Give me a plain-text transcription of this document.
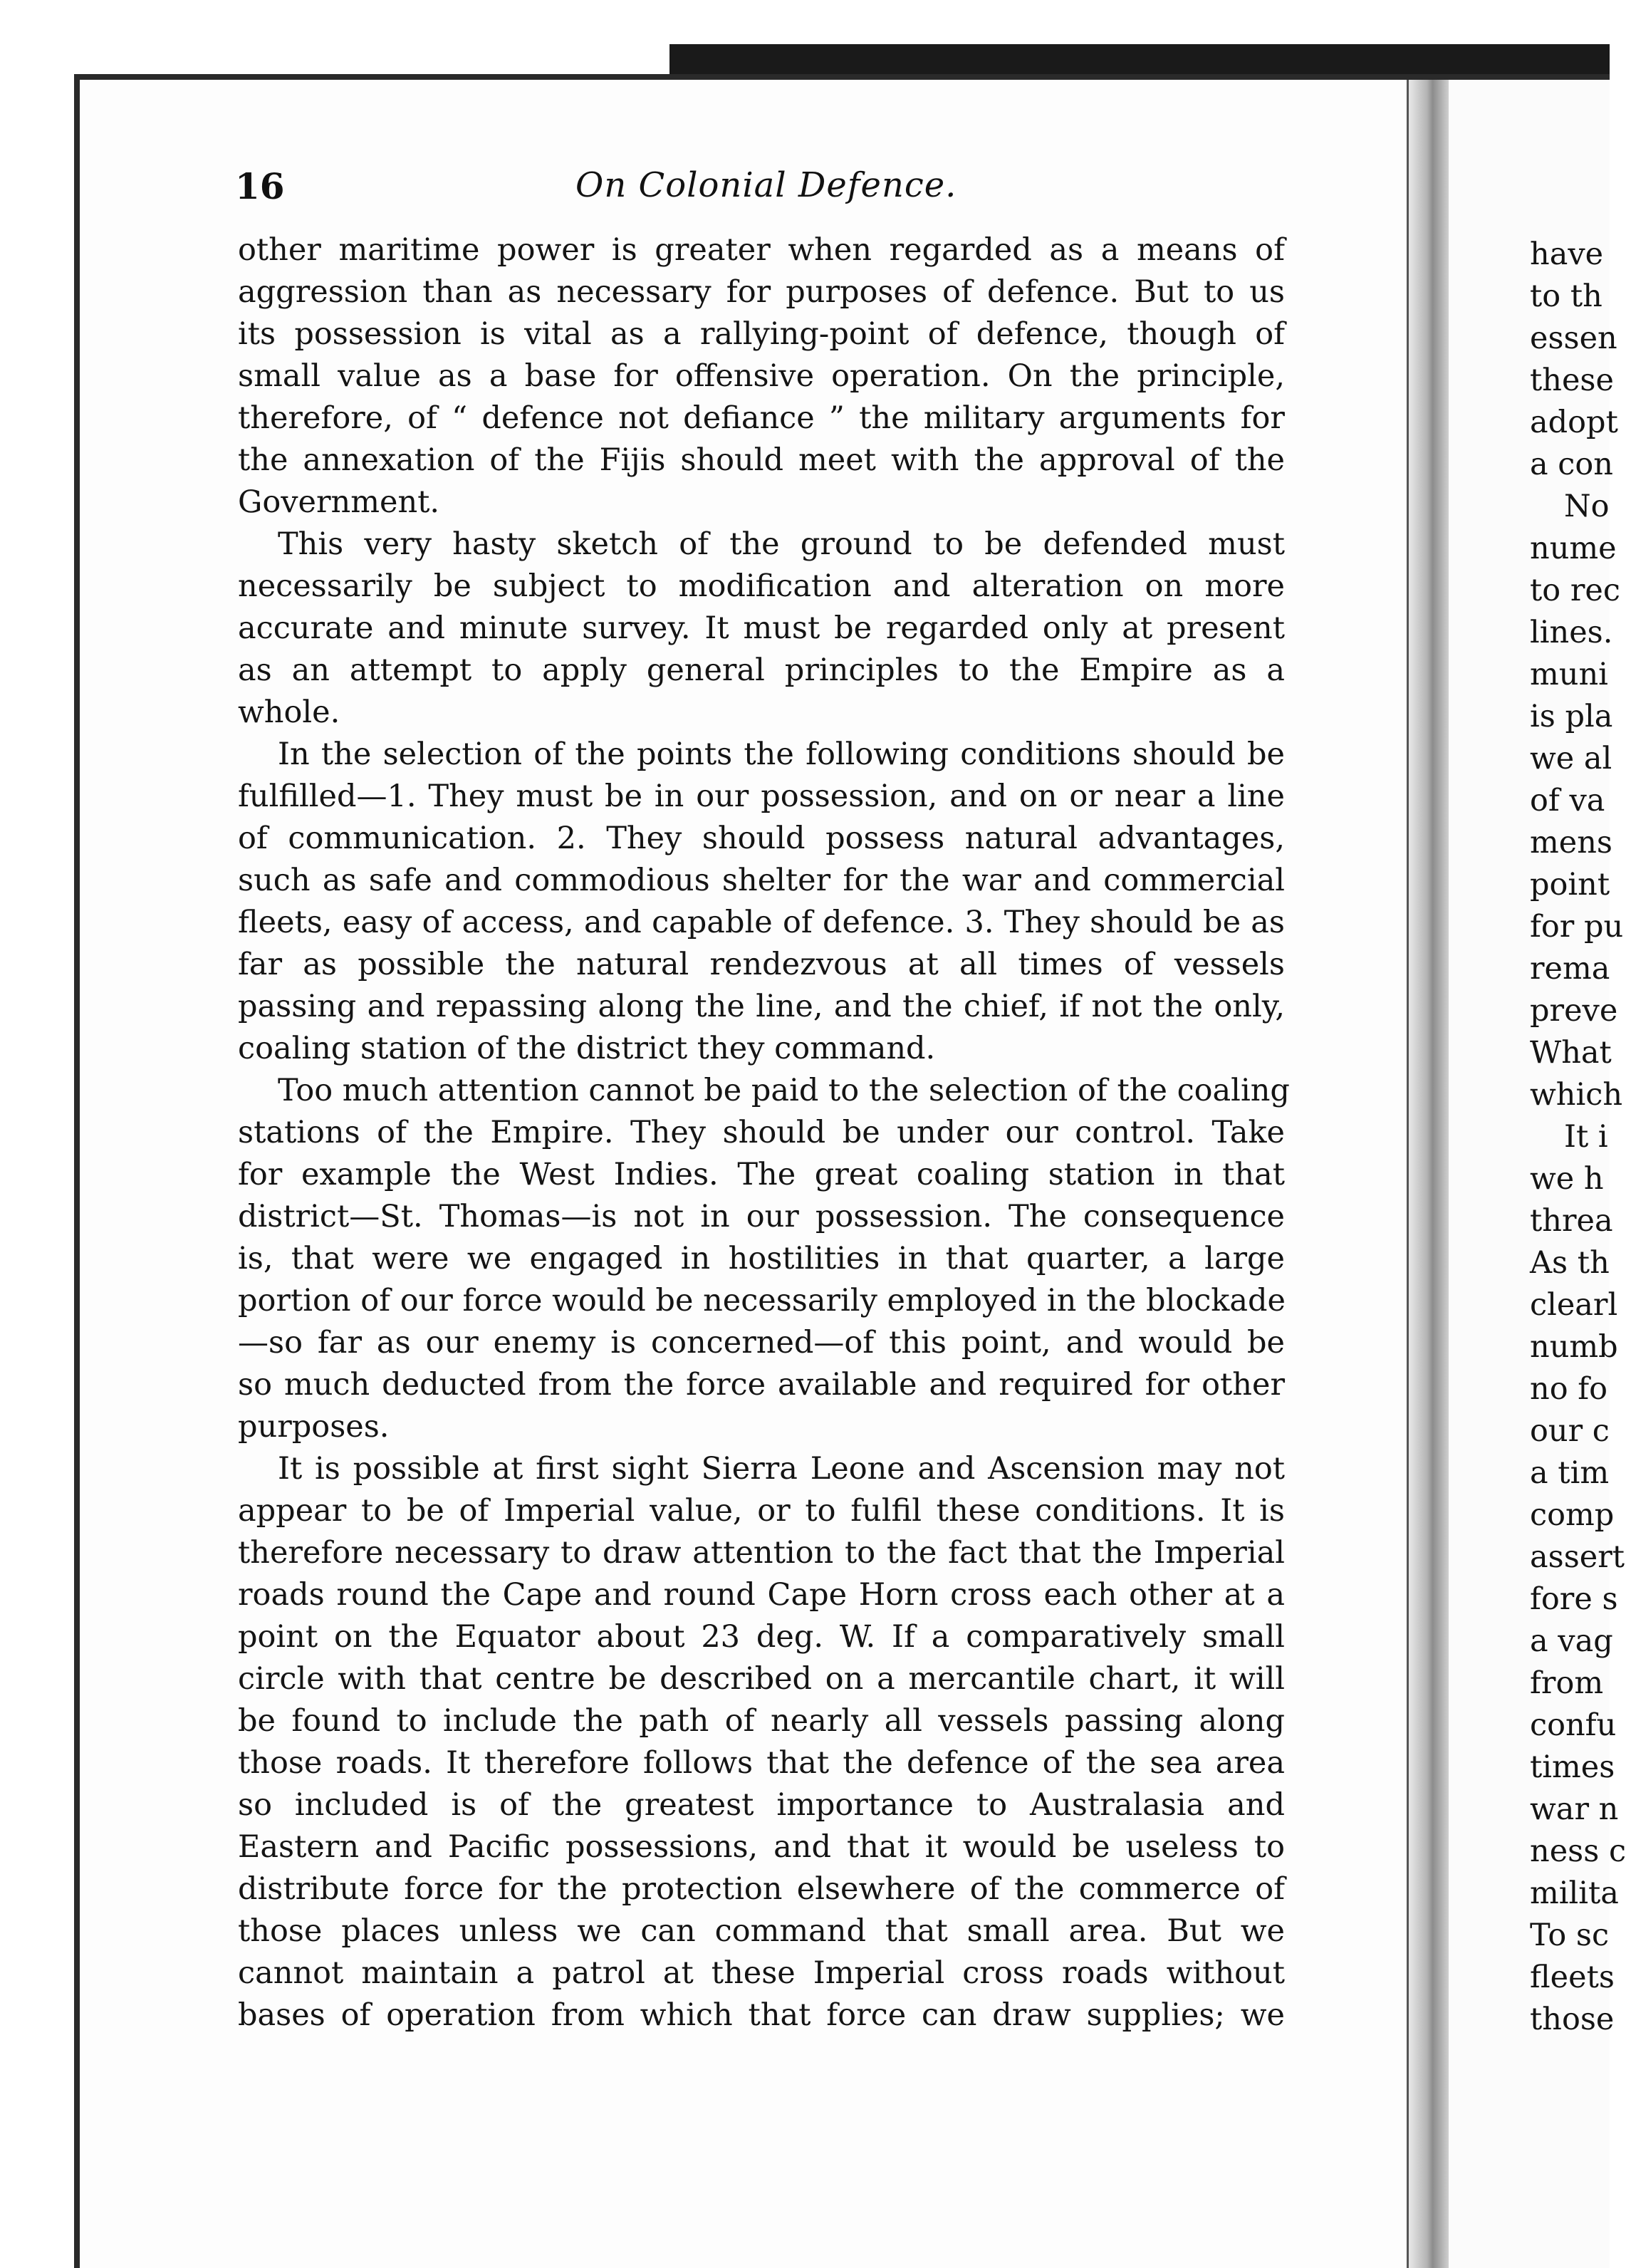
16	On Colonial Defence.
other maritime power is greater when regarded as a means of
aggression than as necessary for purposes of defence. But to us
its possession is vital as a rallying-point of defence, though of
small value as a base for offensive operation. On the principle,
therefore, of “ defence not defiance ” the military arguments for
the annexation of the Fijis should meet with the approval of the
Government.
This very hasty sketch of the ground to be defended must
necessarily be subject to modification and alteration on more
accurate and minute survey. It must be regarded only at present
as an attempt to apply general principles to the Empire as a
whole.
In the selection of the points the following conditions should be
fulfilled—1. They must be in our possession, and on or near a line
of communication. 2. They should possess natural advantages,
such as safe and commodious shelter for the war and commercial
fleets, easy of access, and capable of defence. 3. They should be as
far as possible the natural rendezvous at all times of vessels
passing and repassing along the line, and the chief, if not the only,
coaling station of the district they command.
Too much attention cannot be paid to the selection of the coaling
stations of the Empire. They should be under our control. Take
for example the West Indies. The great coaling station in that
district—St. Thomas—is not in our possession. The consequence
is, that were we engaged in hostilities in that quarter, a large
portion of our force would be necessarily employed in the blockade
—so far as our enemy is concerned—of this point, and would be
so much deducted from the force available and required for other
purposes.
It is possible at first sight Sierra Leone and Ascension may not
appear to be of Imperial value, or to fulfil these conditions. It is
therefore necessary to draw attention to the fact that the Imperial
roads round the Cape and round Cape Horn cross each other at a
point on the Equator about 23 deg. W. If a comparatively small
circle with that centre be described on a mercantile chart, it will
be found to include the path of nearly all vessels passing along
those roads. It therefore follows that the defence of the sea area
so included is of the greatest importance to Australasia and
Eastern and Pacific possessions, and that it would be useless to
distribute force for the protection elsewhere of the commerce of
those places unless we can command that small area. But we
cannot maintain a patrol at these Imperial cross roads without
bases of operation from which that force can draw supplies; we
have
to th
essen
these
adopt
a con
No
nume
to rec
lines.
muni
is pla
we al
of va
mens
point
for pu
rema
preve
What
which
It i
we h
threa
As th
clearl
numb
no fo
our c
a tim
comp
assert
fore s
a vag
from
confu
times
war n
ness c
milita
To sc
fleets
those
